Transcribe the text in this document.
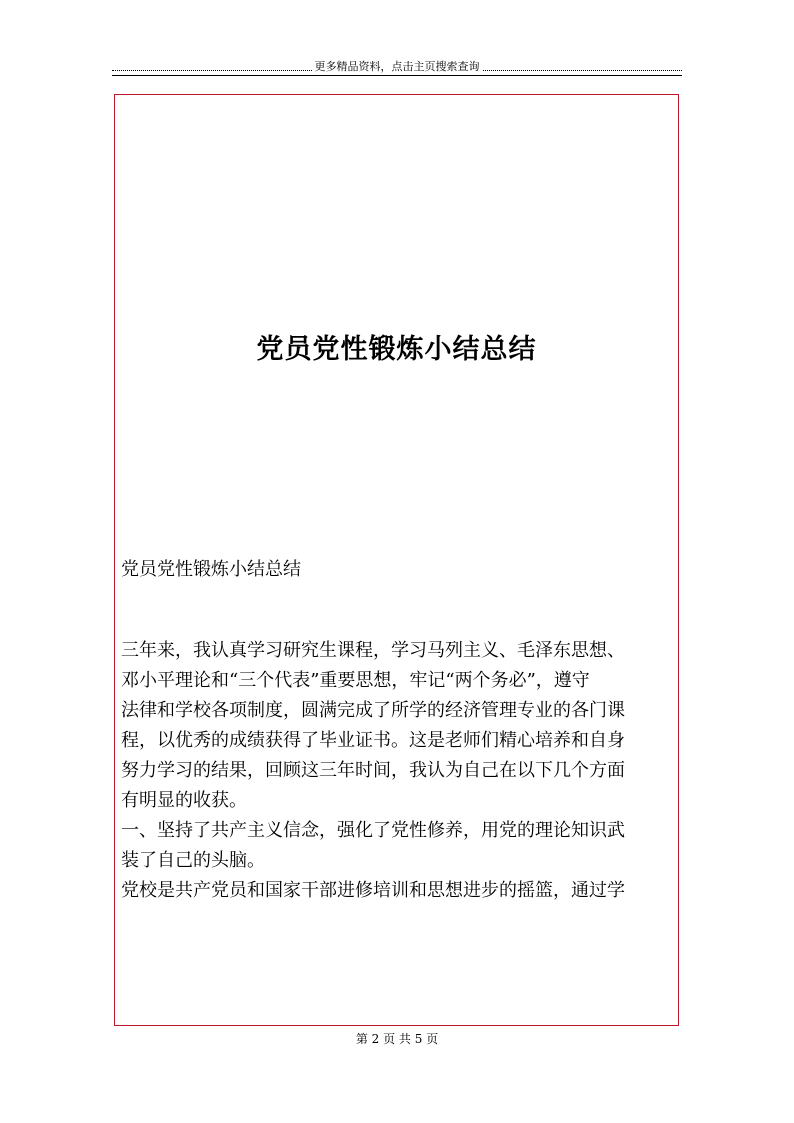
更多精品资料，点击主页搜索查询
党员党性锻炼小结总结
党员党性锻炼小结总结
三年来，我认真学习研究生课程，学习马列主义、毛泽东思想、
邓小平理论和“三个代表”重要思想，牢记“两个务必”，遵守
法律和学校各项制度，圆满完成了所学的经济管理专业的各门课
程，以优秀的成绩获得了毕业证书。这是老师们精心培养和自身
努力学习的结果，回顾这三年时间，我认为自己在以下几个方面
有明显的收获。
一、坚持了共产主义信念，强化了党性修养，用党的理论知识武
装了自己的头脑。
党校是共产党员和国家干部进修培训和思想进步的摇篮，通过学
第 2 页 共 5 页
